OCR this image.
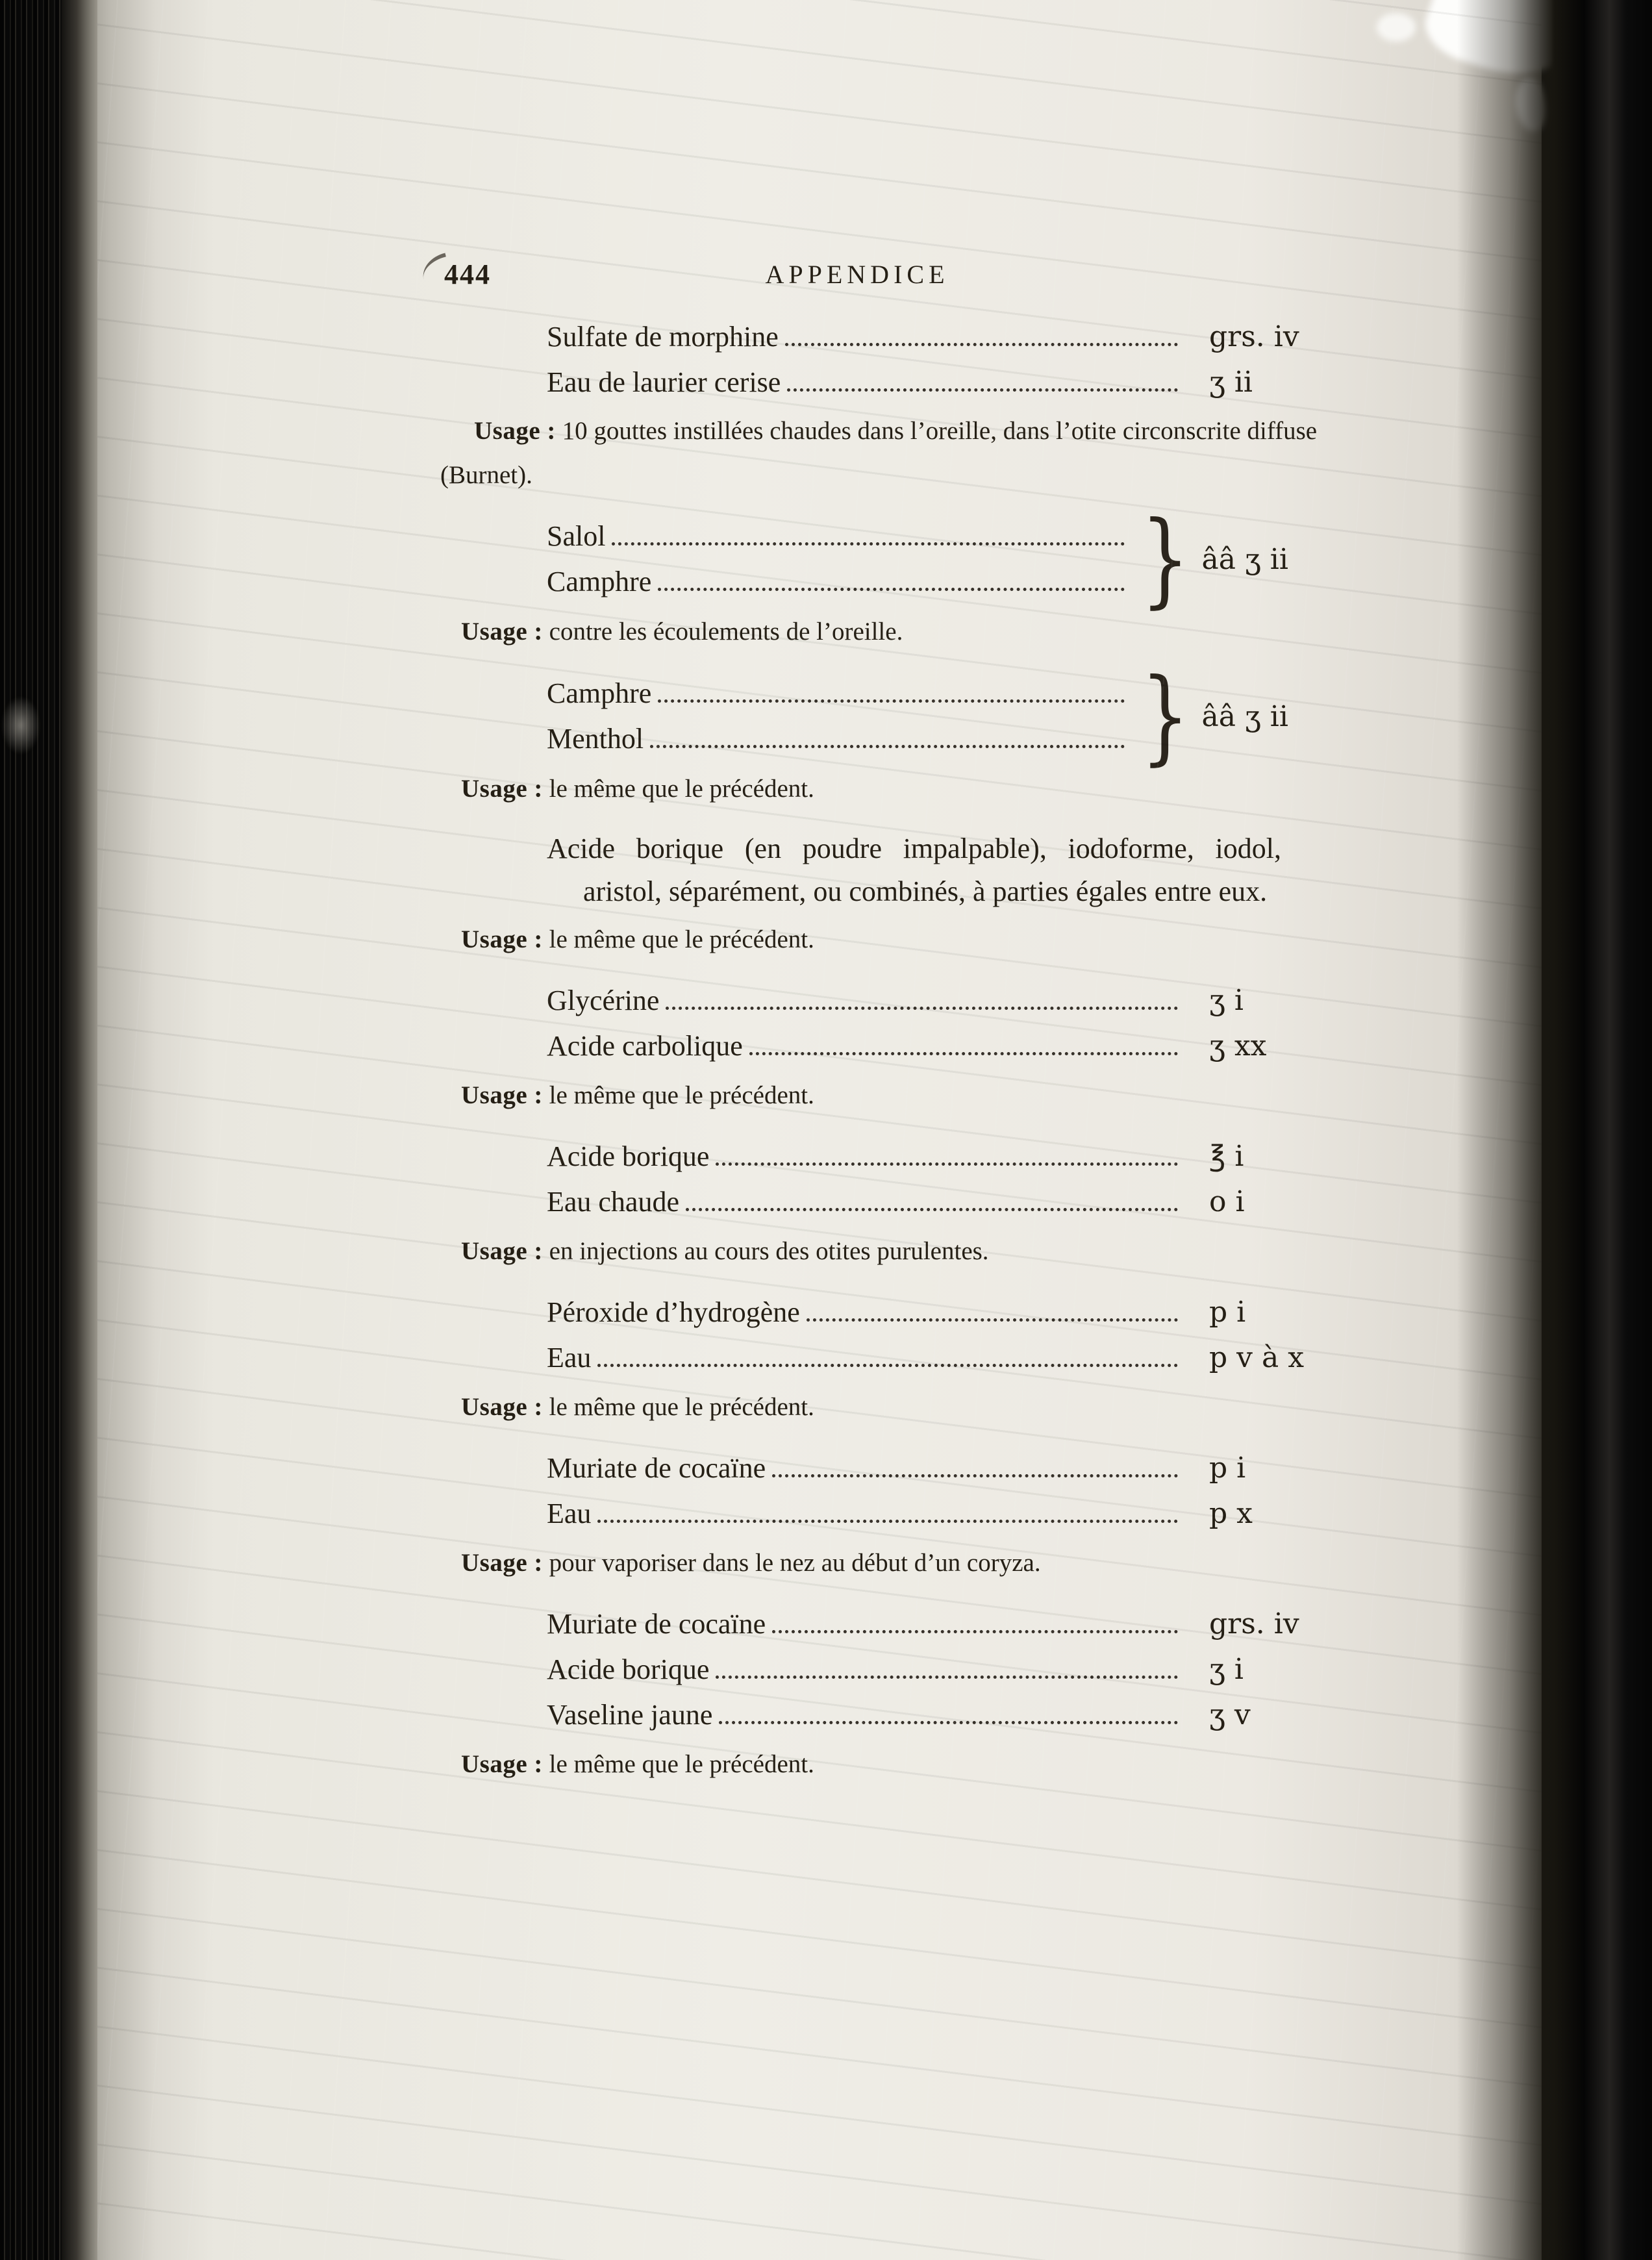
444	APPENDICE
Sulfate de morphine	grs. iv
Eau de laurier cerise	ʒ ii

Usage : 10 gouttes instillées chaudes dans l’oreille, dans l’otite circonscrite diffuse (Burnet).

Salol
Camphre	} ââ ʒ ii

Usage : contre les écoulements de l’oreille.

Camphre
Menthol	} ââ ʒ ii

Usage : le même que le précédent.

Acide borique (en poudre impalpable), iodoforme, iodol, aristol, séparément, ou combinés, à parties égales entre eux.

Usage : le même que le précédent.

Glycérine	ʒ i
Acide carbolique	ʒ xx

Usage : le même que le précédent.

Acide borique	℥ i
Eau chaude	o i

Usage : en injections au cours des otites purulentes.

Péroxide d’hydrogène	p i
Eau	p v à x

Usage : le même que le précédent.

Muriate de cocaïne	p i
Eau	p x

Usage : pour vaporiser dans le nez au début d’un coryza.

Muriate de cocaïne	grs. iv
Acide borique	ʒ i
Vaseline jaune	ʒ v

Usage : le même que le précédent.
